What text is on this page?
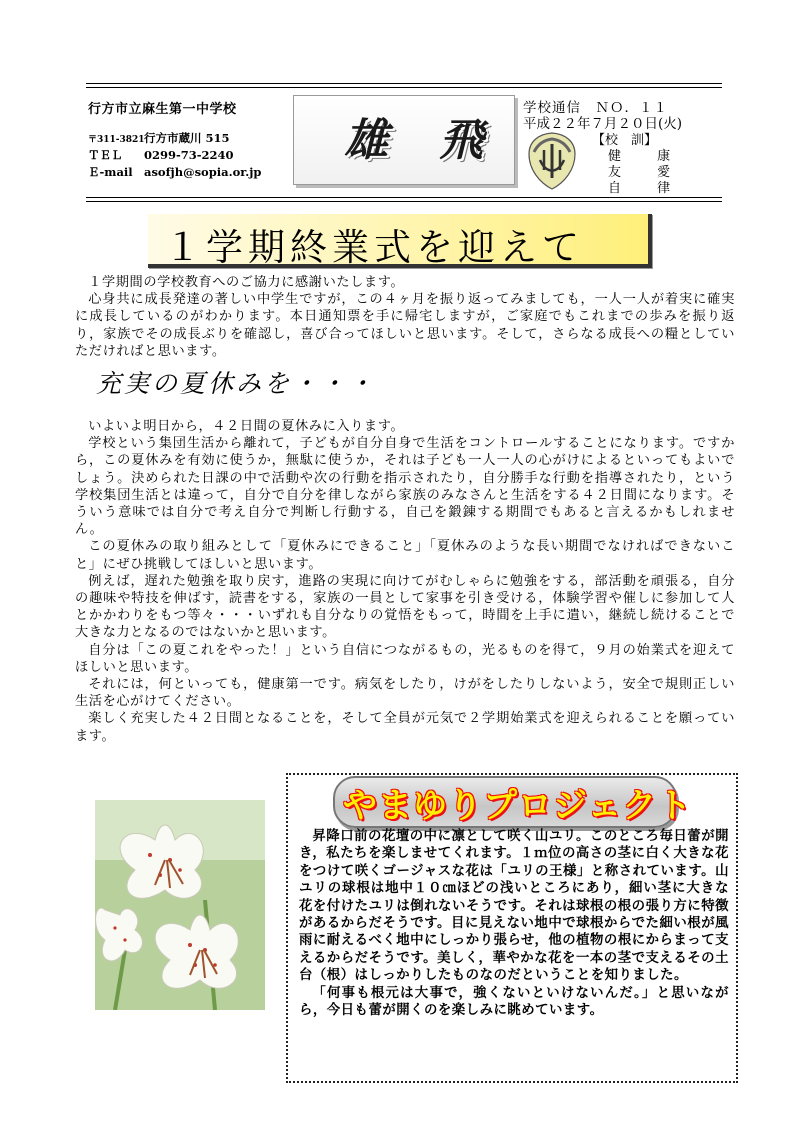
行方市立麻生第一中学校
〒311-3821行方市蔵川 515
ＴＥＬ 0299-73-2240
Ｅ-mail asofjh@sopia.or.jp
雄 飛
学校通信　ＮＯ．１１
平成２２年７月２０日(火)
【校　訓】
健 康
友 愛
自 律
１学期終業式を迎えて

１学期間の学校教育へのご協力に感謝いたします。

心身共に成長発達の著しい中学生ですが，この４ヶ月を振り返ってみましても，一人一人が着実に確実に成長しているのがわかります。本日通知票を手に帰宅しますが，ご家庭でもこれまでの歩みを振り返り，家族でその成長ぶりを確認し，喜び合ってほしいと思います。そして，さらなる成長への糧としていただければと思います。

充実の夏休みを・・・

いよいよ明日から，４２日間の夏休みに入ります。

学校という集団生活から離れて，子どもが自分自身で生活をコントロールすることになります。ですから，この夏休みを有効に使うか，無駄に使うか，それは子ども一人一人の心がけによるといってもよいでしょう。決められた日課の中で活動や次の行動を指示されたり，自分勝手な行動を指導されたり，という学校集団生活とは違って，自分で自分を律しながら家族のみなさんと生活をする４２日間になります。そういう意味では自分で考え自分で判断し行動する，自己を鍛錬する期間でもあると言えるかもしれません。

この夏休みの取り組みとして「夏休みにできること」「夏休みのような長い期間でなければできないこと」にぜひ挑戦してほしいと思います。

例えば，遅れた勉強を取り戻す，進路の実現に向けてがむしゃらに勉強をする，部活動を頑張る，自分の趣味や特技を伸ばす，読書をする，家族の一員として家事を引き受ける，体験学習や催しに参加して人とかかわりをもつ等々・・・いずれも自分なりの覚悟をもって，時間を上手に遣い，継続し続けることで大きな力となるのではないかと思います。

自分は「この夏これをやった！」という自信につながるもの，光るものを得て，９月の始業式を迎えてほしいと思います。

それには，何といっても，健康第一です。病気をしたり，けがをしたりしないよう，安全で規則正しい生活を心がけてください。

楽しく充実した４２日間となることを，そして全員が元気で２学期始業式を迎えられることを願っています。

やまゆりプロジェクト

昇降口前の花壇の中に凛として咲く山ユリ。このところ毎日蕾が開き，私たちを楽しませてくれます。１ｍ位の高さの茎に白く大きな花をつけて咲くゴージャスな花は「ユリの王様」と称されています。山ユリの球根は地中１０㎝ほどの浅いところにあり，細い茎に大きな花を付けたユリは倒れないそうです。それは球根の根の張り方に特徴があるからだそうです。目に見えない地中で球根からでた細い根が風雨に耐えるべく地中にしっかり張らせ，他の植物の根にからまって支えるからだそうです。美しく，華やかな花を一本の茎で支えるその土台（根）はしっかりしたものなのだということを知りました。

「何事も根元は大事で，強くないといけないんだ。」と思いながら，今日も蕾が開くのを楽しみに眺めています。
